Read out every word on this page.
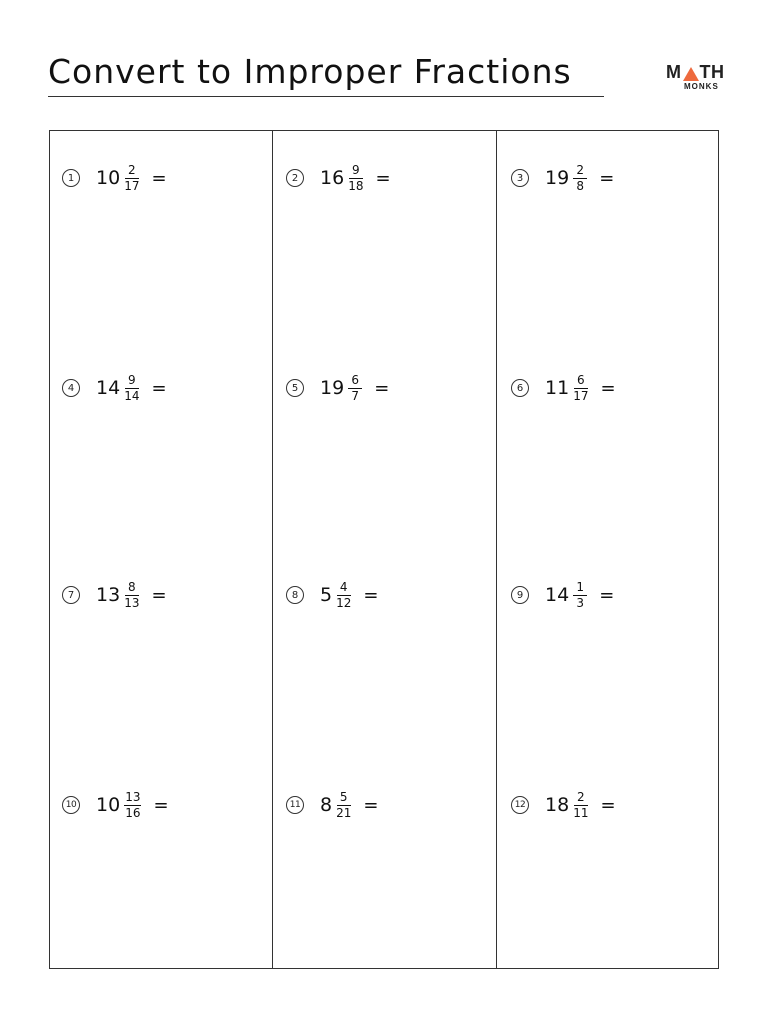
Convert to Improper Fractions	M TH
MONKS
1	$10 \frac{2}{17}$ =	2	$16 \frac{9}{18}$ =	3	$19 \frac{2}{8}$ =
4	$14 \frac{9}{14}$ =	5	$19 \frac{6}{7}$ =	6	$11 \frac{6}{17}$ =
7	$13 \frac{8}{13}$ =	8	$5 \frac{4}{12}$ =	9	$14 \frac{1}{3}$ =
10 $10 \frac{13}{16}$ =	11 $8 \frac{5}{21}$ =	12 $18 \frac{2}{11}$ =
